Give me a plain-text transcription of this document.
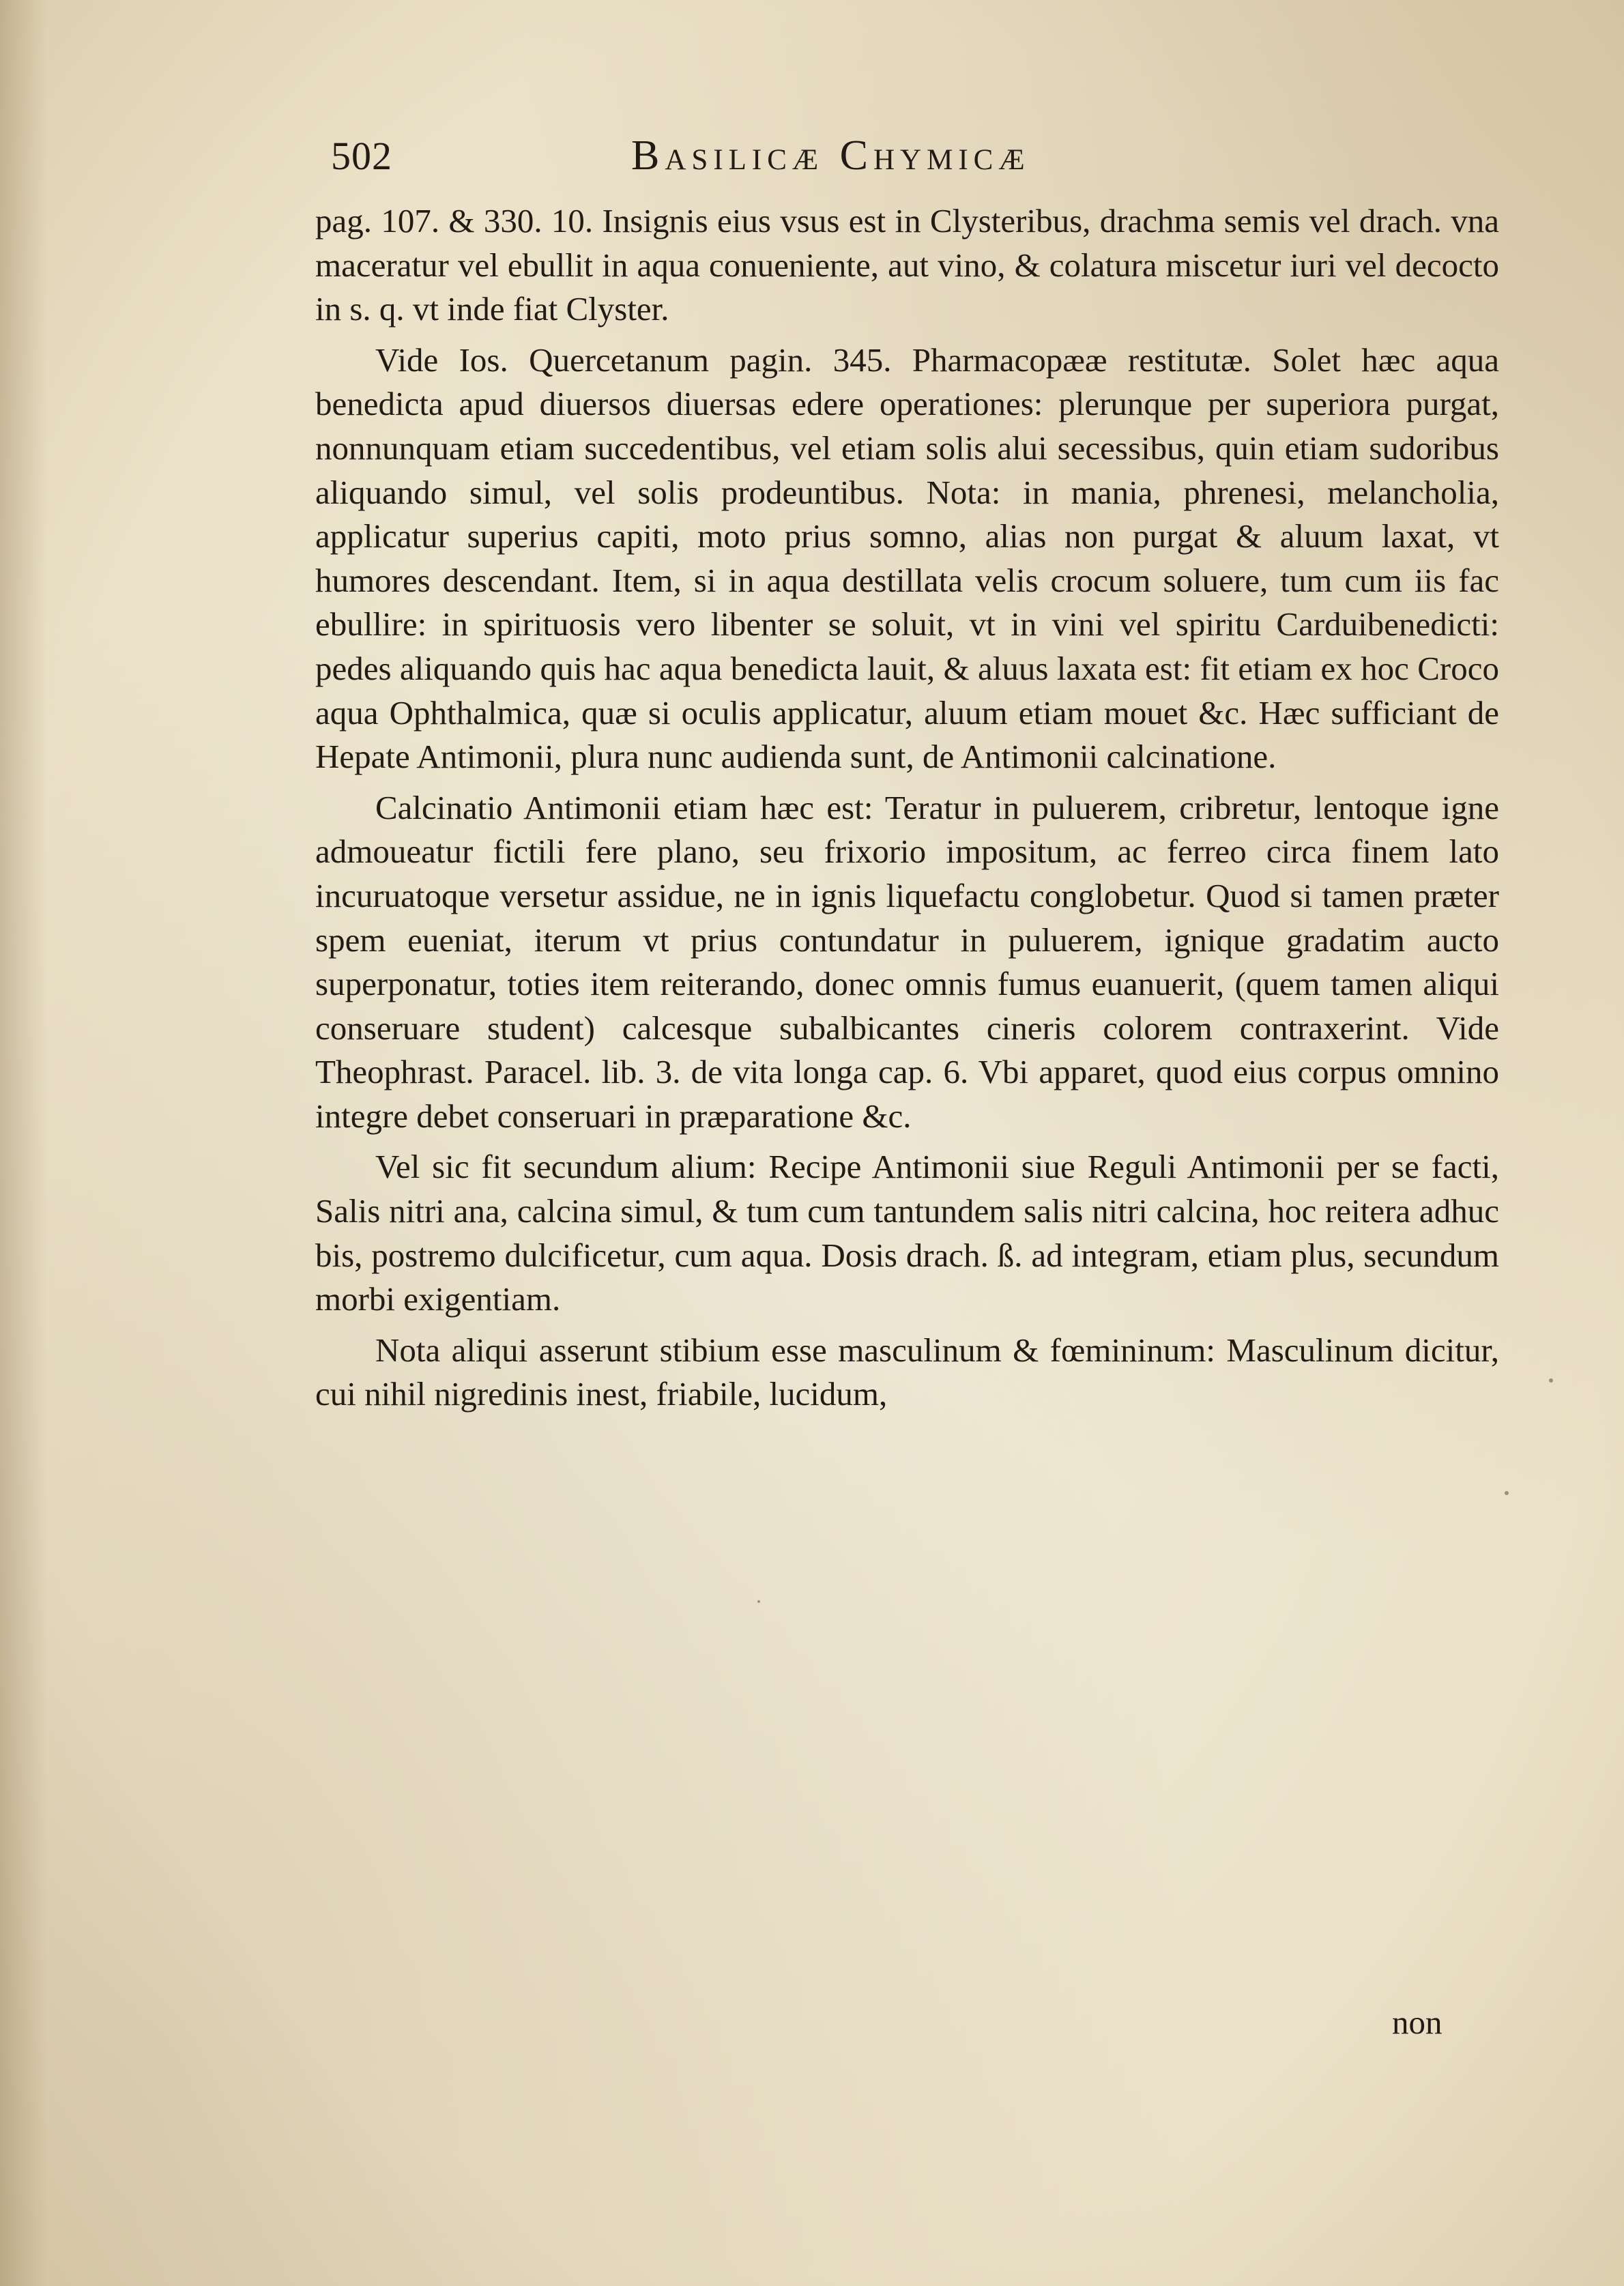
502	Basilicæ Chymicæ

pag. 107. & 330. 10. Insignis eius vsus est in Clysteribus, drachma semis vel drach. vna maceratur vel ebullit in aqua conueniente, aut vino, & colatura miscetur iuri vel decocto in s. q. vt inde fiat Clyster.

Vide Ios. Quercetanum pagin. 345. Pharmacopææ restitutæ. Solet hæc aqua benedicta apud diuersos diuersas edere operationes: plerunque per superiora purgat, nonnunquam etiam succedentibus, vel etiam solis alui secessibus, quin etiam sudoribus aliquando simul, vel solis prodeuntibus. Nota: in mania, phrenesi, melancholia, applicatur superius capiti, moto prius somno, alias non purgat & aluum laxat, vt humores descendant. Item, si in aqua destillata velis crocum soluere, tum cum iis fac ebullire: in spirituosis vero libenter se soluit, vt in vini vel spiritu Carduibenedicti: pedes aliquando quis hac aqua benedicta lauit, & aluus laxata est: fit etiam ex hoc Croco aqua Ophthalmica, quæ si oculis applicatur, aluum etiam mouet &c. Hæc sufficiant de Hepate Antimonii, plura nunc audienda sunt, de Antimonii calcinatione.

Calcinatio Antimonii etiam hæc est: Teratur in puluerem, cribretur, lentoque igne admoueatur fictili fere plano, seu frixorio impositum, ac ferreo circa finem lato incuruatoque versetur assidue, ne in ignis liquefactu conglobetur. Quod si tamen præter spem eueniat, iterum vt prius contundatur in puluerem, ignique gradatim aucto superponatur, toties item reiterando, donec omnis fumus euanuerit, (quem tamen aliqui conseruare student) calcesque subalbicantes cineris colorem contraxerint. Vide Theophrast. Paracel. lib. 3. de vita longa cap. 6. Vbi apparet, quod eius corpus omnino integre debet conseruari in præparatione &c.

Vel sic fit secundum alium: Recipe Antimonii siue Reguli Antimonii per se facti, Salis nitri ana, calcina simul, & tum cum tantundem salis nitri calcina, hoc reitera adhuc bis, postremo dulcificetur, cum aqua. Dosis drach. ß. ad integram, etiam plus, secundum morbi exigentiam.

Nota aliqui asserunt stibium esse masculinum & fœmininum: Masculinum dicitur, cui nihil nigredinis inest, friabile, lucidum,

non
